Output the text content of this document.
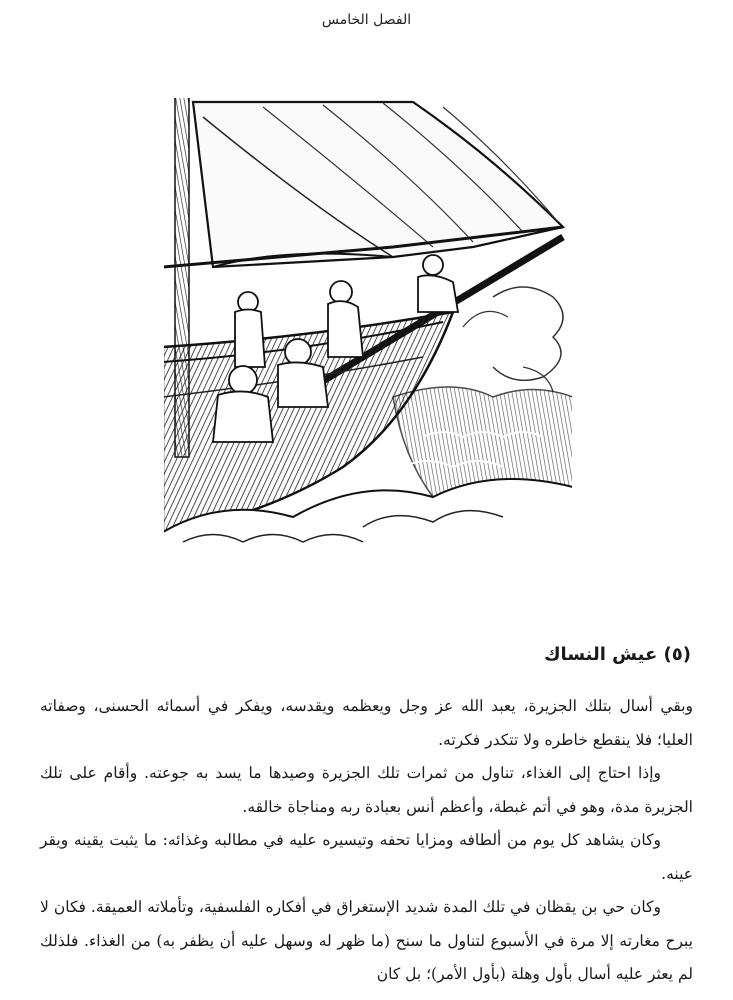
الفصل الخامس
(٥) عيش النساك

وبقي أسال بتلك الجزيرة، يعبد الله عز وجل ويعظمه ويقدسه، ويفكر في أسمائه الحسنى، وصفاته العليا؛ فلا ينقطع خاطره ولا تتكدر فكرته.

وإذا احتاج إلى الغذاء، تناول من ثمرات تلك الجزيرة وصيدها ما يسد به جوعته. وأقام على تلك الجزيرة مدة، وهو في أتم غبطة، وأعظم أنس بعبادة ربه ومناجاة خالقه.

وكان يشاهد كل يوم من ألطافه ومزايا تحفه وتيسيره عليه في مطالبه وغذائه: ما يثبت يقينه ويقر عينه.

وكان حي بن يقظان في تلك المدة شديد الإستغراق في أفكاره الفلسفية، وتأملاته العميقة. فكان لا يبرح مغارته إلا مرة في الأسبوع لتناول ما سنح (ما ظهر له وسهل عليه أن يظفر به) من الغذاء. فلذلك لم يعثر عليه أسال بأول وهلة (بأول الأمر)؛ بل كان
